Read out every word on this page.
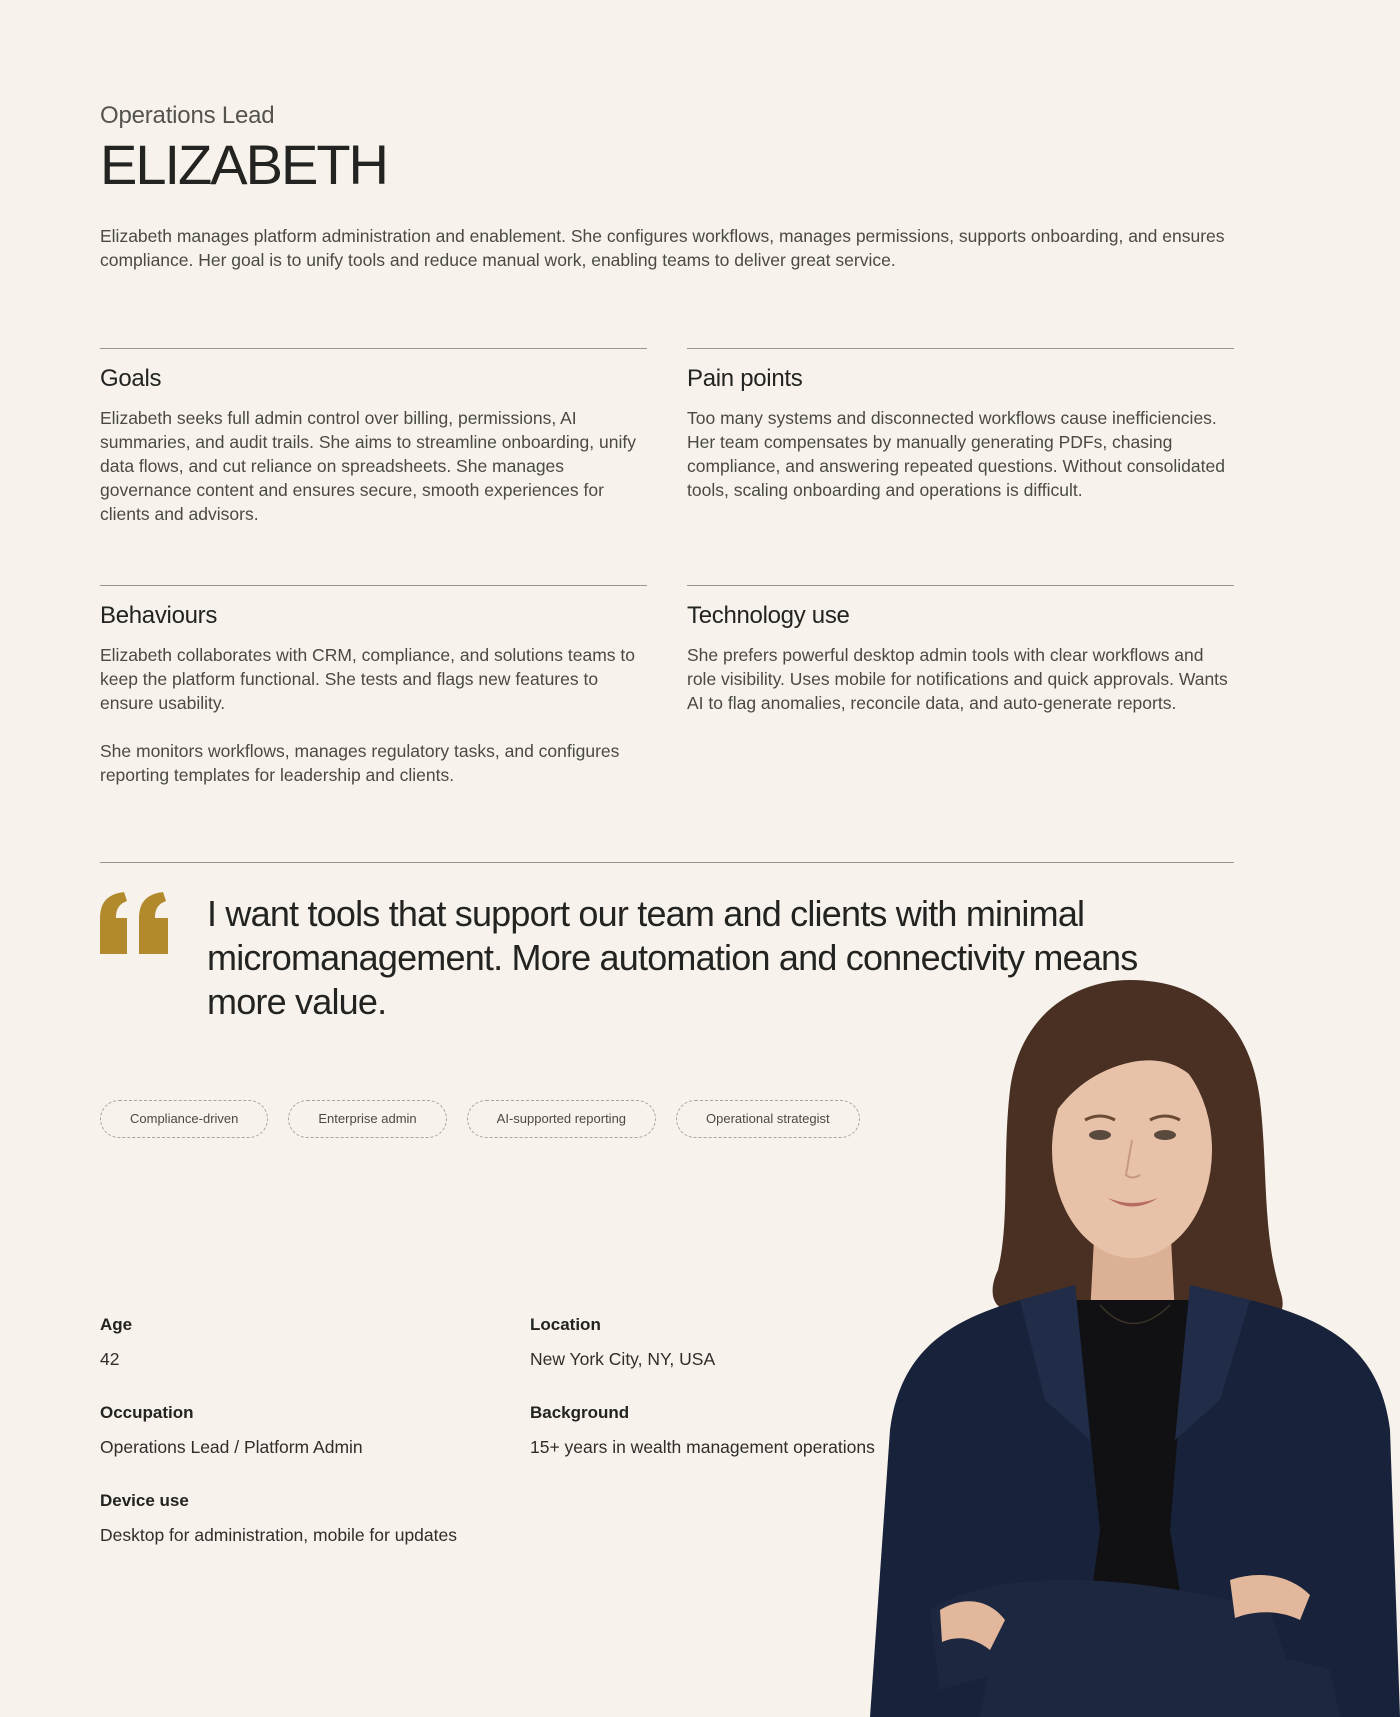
Operations Lead
ELIZABETH
Elizabeth manages platform administration and enablement. She configures workflows, manages permissions, supports onboarding, and ensures compliance. Her goal is to unify tools and reduce manual work, enabling teams to deliver great service.
Goals

Elizabeth seeks full admin control over billing, permissions, AI summaries, and audit trails. She aims to streamline onboarding, unify data flows, and cut reliance on spreadsheets. She manages governance content and ensures secure, smooth experiences for clients and advisors.

Pain points

Too many systems and disconnected workflows cause inefficiencies. Her team compensates by manually generating PDFs, chasing compliance, and answering repeated questions. Without consolidated tools, scaling onboarding and operations is difficult.

Behaviours

Elizabeth collaborates with CRM, compliance, and solutions teams to keep the platform functional. She tests and flags new features to ensure usability.

She monitors workflows, manages regulatory tasks, and configures reporting templates for leadership and clients.

Technology use

She prefers powerful desktop admin tools with clear workflows and role visibility. Uses mobile for notifications and quick approvals. Wants AI to flag anomalies, reconcile data, and auto-generate reports.

I want tools that support our team and clients with minimal micromanagement. More automation and connectivity means more value.
Compliance-driven	Enterprise admin	AI-supported reporting	Operational strategist
Age
42
Location
New York City, NY, USA
Occupation
Operations Lead / Platform Admin
Background
15+ years in wealth management operations
Device use
Desktop for administration, mobile for updates
